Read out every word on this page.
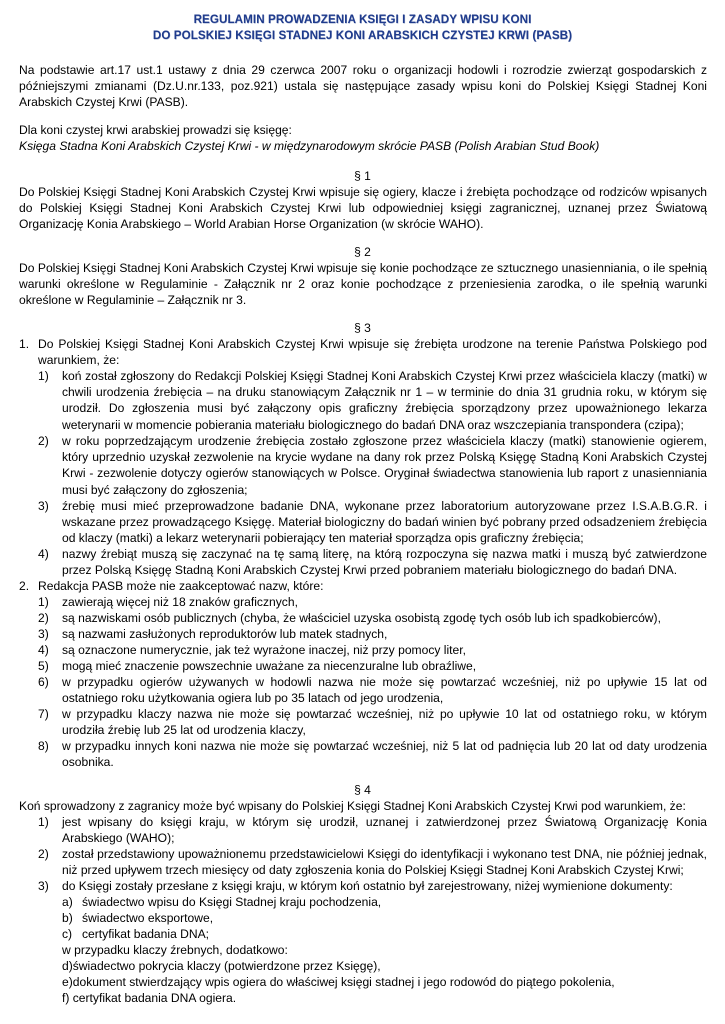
REGULAMIN PROWADZENIA KSIĘGI I ZASADY WPISU KONI
DO POLSKIEJ KSIĘGI STADNEJ KONI ARABSKICH CZYSTEJ KRWI (PASB)
Na podstawie art.17 ust.1 ustawy z dnia 29 czerwca 2007 roku o organizacji hodowli i rozrodzie zwierząt gospodarskich z późniejszymi zmianami (Dz.U.nr.133, poz.921) ustala się następujące zasady wpisu koni do Polskiej Księgi Stadnej Koni Arabskich Czystej Krwi (PASB).
Dla koni czystej krwi arabskiej prowadzi się księgę:
Księga Stadna Koni Arabskich Czystej Krwi - w międzynarodowym skrócie PASB (Polish Arabian Stud Book)
§ 1
Do Polskiej Księgi Stadnej Koni Arabskich Czystej Krwi wpisuje się ogiery, klacze i źrebięta pochodzące od rodziców wpisanych do Polskiej Księgi Stadnej Koni Arabskich Czystej Krwi lub odpowiedniej księgi zagranicznej, uznanej przez Światową Organizację Konia Arabskiego – World Arabian Horse Organization (w skrócie WAHO).
§ 2
Do Polskiej Księgi Stadnej Koni Arabskich Czystej Krwi wpisuje się konie pochodzące ze sztucznego unasienniania, o ile spełnią warunki określone w Regulaminie - Załącznik nr 2 oraz konie pochodzące z przeniesienia zarodka, o ile spełnią warunki określone w Regulaminie – Załącznik nr 3.
§ 3
1. Do Polskiej Księgi Stadnej Koni Arabskich Czystej Krwi wpisuje się źrebięta urodzone na terenie Państwa Polskiego pod warunkiem, że:
1) koń został zgłoszony do Redakcji Polskiej Księgi Stadnej Koni Arabskich Czystej Krwi przez właściciela klaczy (matki) w chwili urodzenia źrebięcia – na druku stanowiącym Załącznik nr 1 – w terminie do dnia 31 grudnia roku, w którym się urodził. Do zgłoszenia musi być załączony opis graficzny źrebięcia sporządzony przez upoważnionego lekarza weterynarii w momencie pobierania materiału biologicznego do badań DNA oraz wszczepiania transpondera (czipa);
2) w roku poprzedzającym urodzenie źrebięcia zostało zgłoszone przez właściciela klaczy (matki) stanowienie ogierem, który uprzednio uzyskał zezwolenie na krycie wydane na dany rok przez Polską Księgę Stadną Koni Arabskich Czystej Krwi - zezwolenie dotyczy ogierów stanowiących w Polsce. Oryginał świadectwa stanowienia lub raport z unasienniania musi być załączony do zgłoszenia;
3) źrebię musi mieć przeprowadzone badanie DNA, wykonane przez laboratorium autoryzowane przez I.S.A.B.G.R. i wskazane przez prowadzącego Księgę. Materiał biologiczny do badań winien być pobrany przed odsadzeniem źrebięcia od klaczy (matki) a lekarz weterynarii pobierający ten materiał sporządza opis graficzny źrebięcia;
4) nazwy źrebiąt muszą się zaczynać na tę samą literę, na którą rozpoczyna się nazwa matki i muszą być zatwierdzone przez Polską Księgę Stadną Koni Arabskich Czystej Krwi przed pobraniem materiału biologicznego do badań DNA.
2. Redakcja PASB może nie zaakceptować nazw, które:
1) zawierają więcej niż 18 znaków graficznych,
2) są nazwiskami osób publicznych (chyba, że właściciel uzyska osobistą zgodę tych osób lub ich spadkobierców),
3) są nazwami zasłużonych reproduktorów lub matek stadnych,
4) są oznaczone numerycznie, jak też wyrażone inaczej, niż przy pomocy liter,
5) mogą mieć znaczenie powszechnie uważane za niecenzuralne lub obraźliwe,
6) w przypadku ogierów używanych w hodowli nazwa nie może się powtarzać wcześniej, niż po upływie 15 lat od ostatniego roku użytkowania ogiera lub po 35 latach od jego urodzenia,
7) w przypadku klaczy nazwa nie może się powtarzać wcześniej, niż po upływie 10 lat od ostatniego roku, w którym urodziła źrebię lub 25 lat od urodzenia klaczy,
8) w przypadku innych koni nazwa nie może się powtarzać wcześniej, niż 5 lat od padnięcia lub 20 lat od daty urodzenia osobnika.
§ 4
Koń sprowadzony z zagranicy może być wpisany do Polskiej Księgi Stadnej Koni Arabskich Czystej Krwi pod warunkiem, że:
1) jest wpisany do księgi kraju, w którym się urodził, uznanej i zatwierdzonej przez Światową Organizację Konia Arabskiego (WAHO);
2) został przedstawiony upoważnionemu przedstawicielowi Księgi do identyfikacji i wykonano test DNA, nie później jednak, niż przed upływem trzech miesięcy od daty zgłoszenia konia do Polskiej Księgi Stadnej Koni Arabskich Czystej Krwi;
3) do Księgi zostały przesłane z księgi kraju, w którym koń ostatnio był zarejestrowany, niżej wymienione dokumenty:
a) świadectwo wpisu do Księgi Stadnej kraju pochodzenia,
b) świadectwo eksportowe,
c) certyfikat badania DNA;
w przypadku klaczy źrebnych, dodatkowo:
d)świadectwo pokrycia klaczy (potwierdzone przez Księgę),
e)dokument stwierdzający wpis ogiera do właściwej księgi stadnej i jego rodowód do piątego pokolenia,
f) certyfikat badania DNA ogiera.
